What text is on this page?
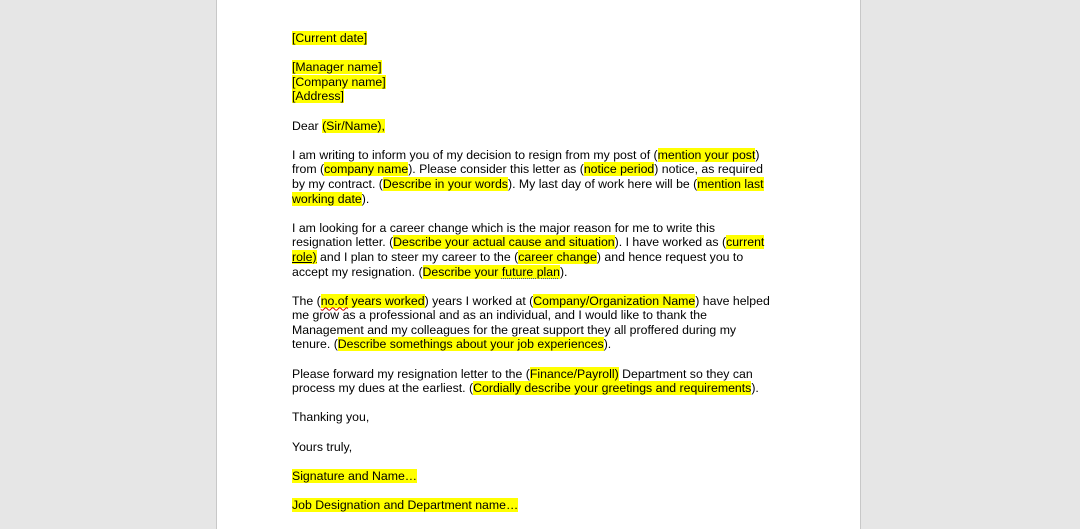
[Current date]

[Manager name]
[Company name]
[Address]

Dear (Sir/Name),

I am writing to inform you of my decision to resign from my post of (mention your post)
from (company name). Please consider this letter as (notice period) notice, as required
by my contract. (Describe in your words). My last day of work here will be (mention last
working date).

I am looking for a career change which is the major reason for me to write this
resignation letter. (Describe your actual cause and situation). I have worked as (current
role) and I plan to steer my career to the (career change) and hence request you to
accept my resignation. (Describe your future plan).

The (no.of years worked) years I worked at (Company/Organization Name) have helped
me grow as a professional and as an individual, and I would like to thank the
Management and my colleagues for the great support they all proffered during my
tenure. (Describe somethings about your job experiences).

Please forward my resignation letter to the (Finance/Payroll) Department so they can
process my dues at the earliest. (Cordially describe your greetings and requirements).

Thanking you,

Yours truly,

Signature and Name…

Job Designation and Department name…
